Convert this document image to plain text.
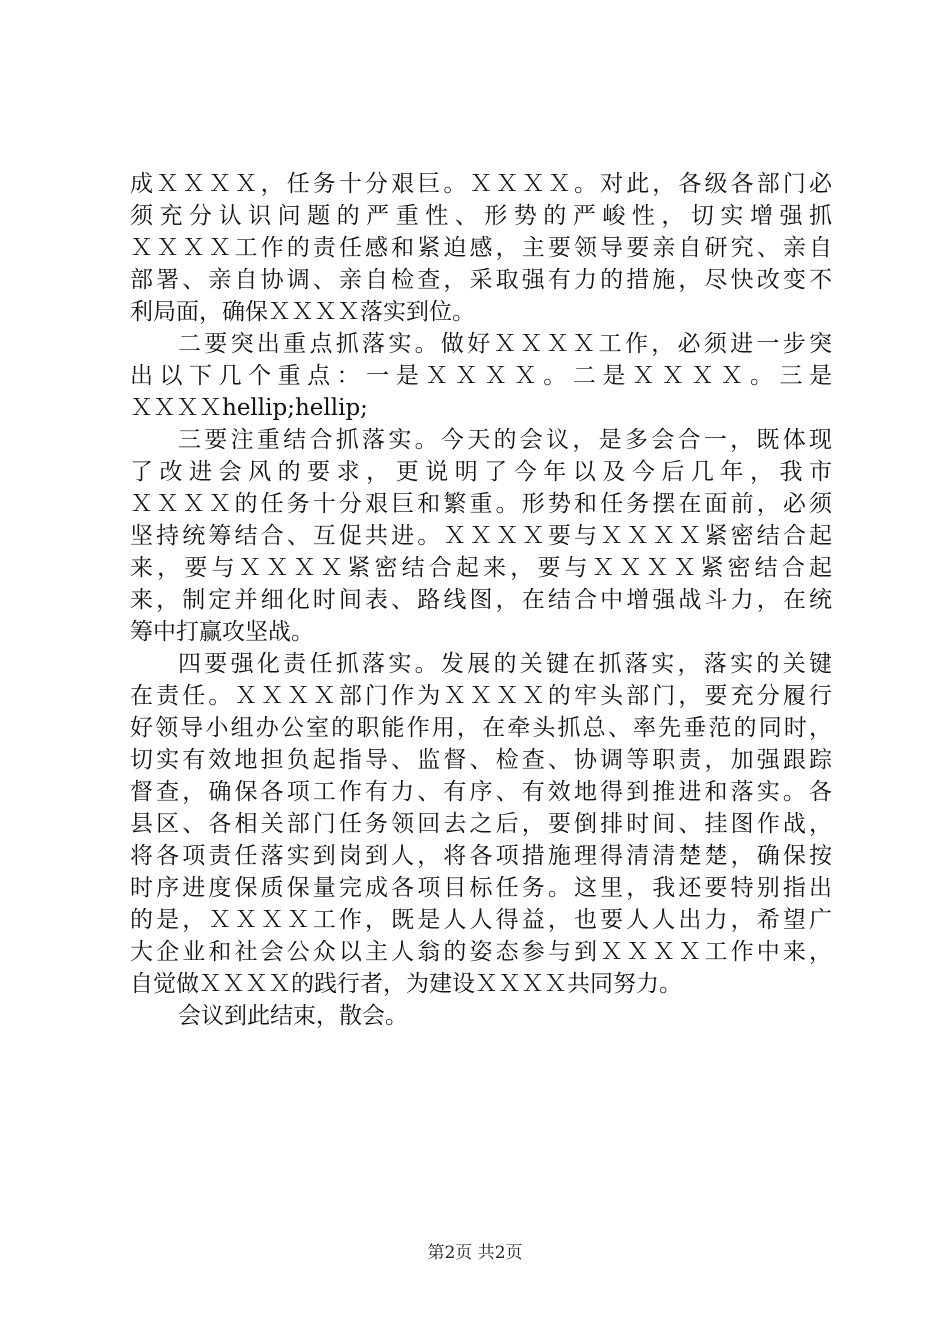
成ＸＸＸＸ，任务十分艰巨。ＸＸＸＸ。对此，各级各部门必
须充分认识问题的严重性、形势的严峻性，切实增强抓
ＸＸＸＸ工作的责任感和紧迫感，主要领导要亲自研究、亲自
部署、亲自协调、亲自检查，采取强有力的措施，尽快改变不
利局面，确保ＸＸＸＸ落实到位。
二要突出重点抓落实。做好ＸＸＸＸ工作，必须进一步突
出以下几个重点：一是ＸＸＸＸ。二是ＸＸＸＸ。三是
ＸＸＸＸhellip;hellip;
三要注重结合抓落实。今天的会议，是多会合一，既体现
了改进会风的要求，更说明了今年以及今后几年，我市
ＸＸＸＸ的任务十分艰巨和繁重。形势和任务摆在面前，必须
坚持统筹结合、互促共进。ＸＸＸＸ要与ＸＸＸＸ紧密结合起
来，要与ＸＸＸＸ紧密结合起来，要与ＸＸＸＸ紧密结合起
来，制定并细化时间表、路线图，在结合中增强战斗力，在统
筹中打赢攻坚战。
四要强化责任抓落实。发展的关键在抓落实，落实的关键
在责任。ＸＸＸＸ部门作为ＸＸＸＸ的牢头部门，要充分履行
好领导小组办公室的职能作用，在牵头抓总、率先垂范的同时，
切实有效地担负起指导、监督、检查、协调等职责，加强跟踪
督查，确保各项工作有力、有序、有效地得到推进和落实。各
县区、各相关部门任务领回去之后，要倒排时间、挂图作战，
将各项责任落实到岗到人，将各项措施理得清清楚楚，确保按
时序进度保质保量完成各项目标任务。这里，我还要特别指出
的是，ＸＸＸＸ工作，既是人人得益，也要人人出力，希望广
大企业和社会公众以主人翁的姿态参与到ＸＸＸＸ工作中来，
自觉做ＸＸＸＸ的践行者，为建设ＸＸＸＸ共同努力。
会议到此结束，散会。
第2页 共2页
